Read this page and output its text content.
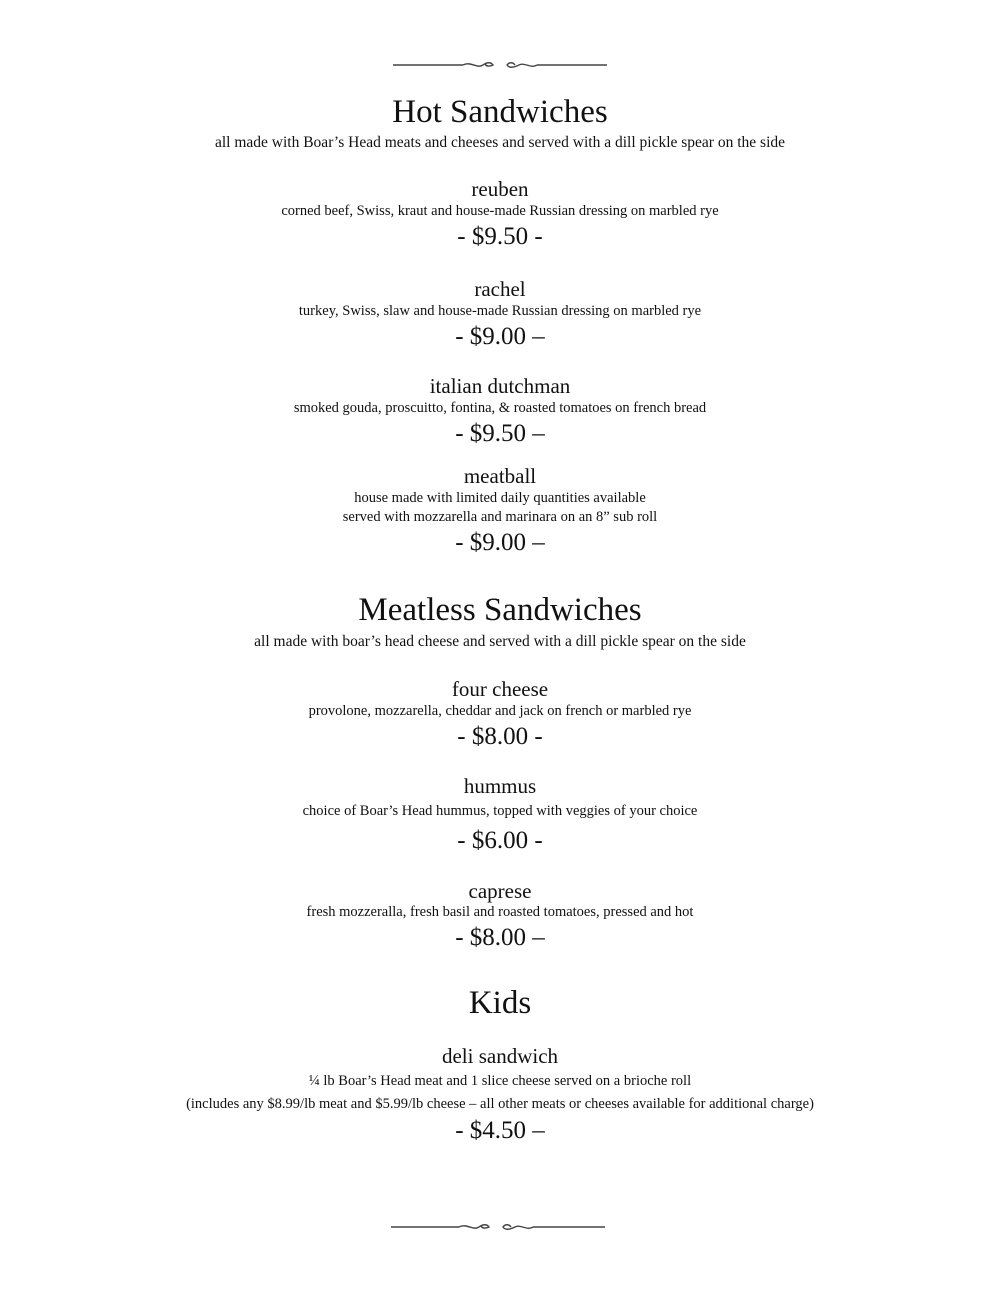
Hot Sandwiches
all made with Boar’s Head meats and cheeses and served with a dill pickle spear on the side
reuben
corned beef, Swiss, kraut and house-made Russian dressing on marbled rye
- $9.50 -
rachel
turkey, Swiss, slaw and house-made Russian dressing on marbled rye
- $9.00 –
italian dutchman
smoked gouda, proscuitto, fontina, & roasted tomatoes on french bread
- $9.50 –
meatball
house made with limited daily quantities available
served with mozzarella and marinara on an 8” sub roll
- $9.00 –
Meatless Sandwiches
all made with boar’s head cheese and served with a dill pickle spear on the side
four cheese
provolone, mozzarella, cheddar and jack on french or marbled rye
- $8.00 -
hummus
choice of Boar’s Head hummus, topped with veggies of your choice
- $6.00 -
caprese
fresh mozzeralla, fresh basil and roasted tomatoes, pressed and hot
- $8.00 –
Kids
deli sandwich
¼ lb Boar’s Head meat and 1 slice cheese served on a brioche roll
(includes any $8.99/lb meat and $5.99/lb cheese – all other meats or cheeses available for additional charge)
- $4.50 –
